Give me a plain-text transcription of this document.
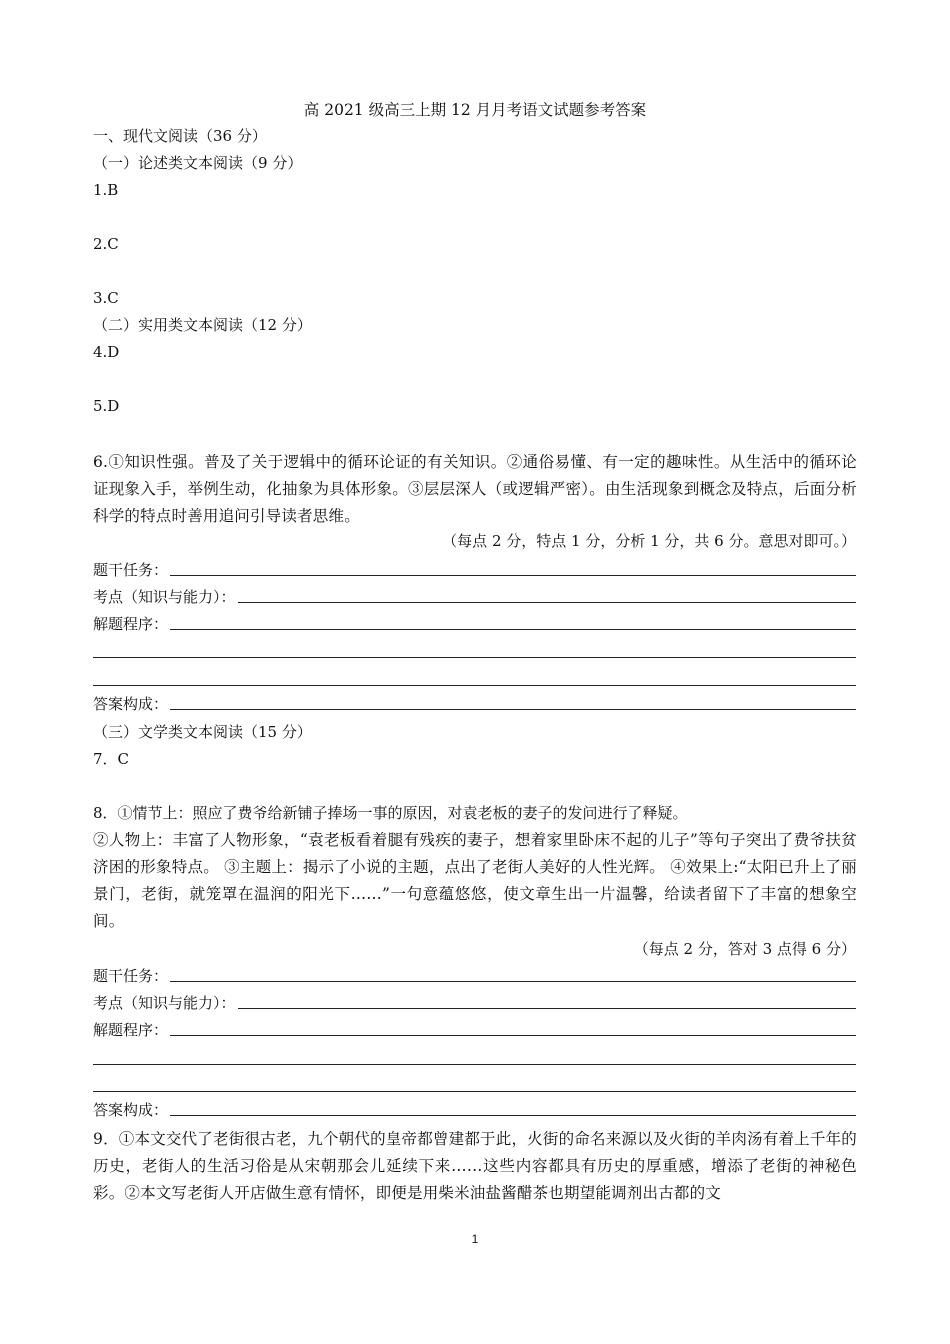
高 2021 级高三上期 12 月月考语文试题参考答案
一、现代文阅读（36 分）
（一）论述类文本阅读（9 分）
1.B
2.C
3.C
（二）实用类文本阅读（12 分）
4.D
5.D
6.①知识性强。普及了关于逻辑中的循环论证的有关知识。②通俗易懂、有一定的趣味性。从生活中的循环论证现象入手，举例生动，化抽象为具体形象。③层层深人（或逻辑严密）。由生活现象到概念及特点，后面分析科学的特点时善用追问引导读者思维。
（每点 2 分，特点 1 分，分析 1 分，共 6 分。意思对即可。）
题干任务：
考点（知识与能力）：
解题程序：
答案构成：
（三）文学类文本阅读（15 分）
7．C
8．①情节上：照应了费爷给新铺子捧场一事的原因，对袁老板的妻子的发问进行了释疑。
②人物上：丰富了人物形象，“袁老板看着腿有残疾的妻子，想着家里卧床不起的儿子”等句子突出了费爷扶贫济困的形象特点。 ③主题上：揭示了小说的主题，点出了老街人美好的人性光辉。 ④效果上:“太阳已升上了丽景门，老街，就笼罩在温润的阳光下……”一句意蕴悠悠，使文章生出一片温馨，给读者留下了丰富的想象空间。
（每点 2 分，答对 3 点得 6 分）
题干任务：
考点（知识与能力）：
解题程序：
答案构成：
9．①本文交代了老街很古老，九个朝代的皇帝都曾建都于此，火街的命名来源以及火街的羊肉汤有着上千年的历史，老街人的生活习俗是从宋朝那会儿延续下来……这些内容都具有历史的厚重感，增添了老街的神秘色彩。②本文写老街人开店做生意有情怀，即便是用柴米油盐酱醋茶也期望能调剂出古都的文
1
